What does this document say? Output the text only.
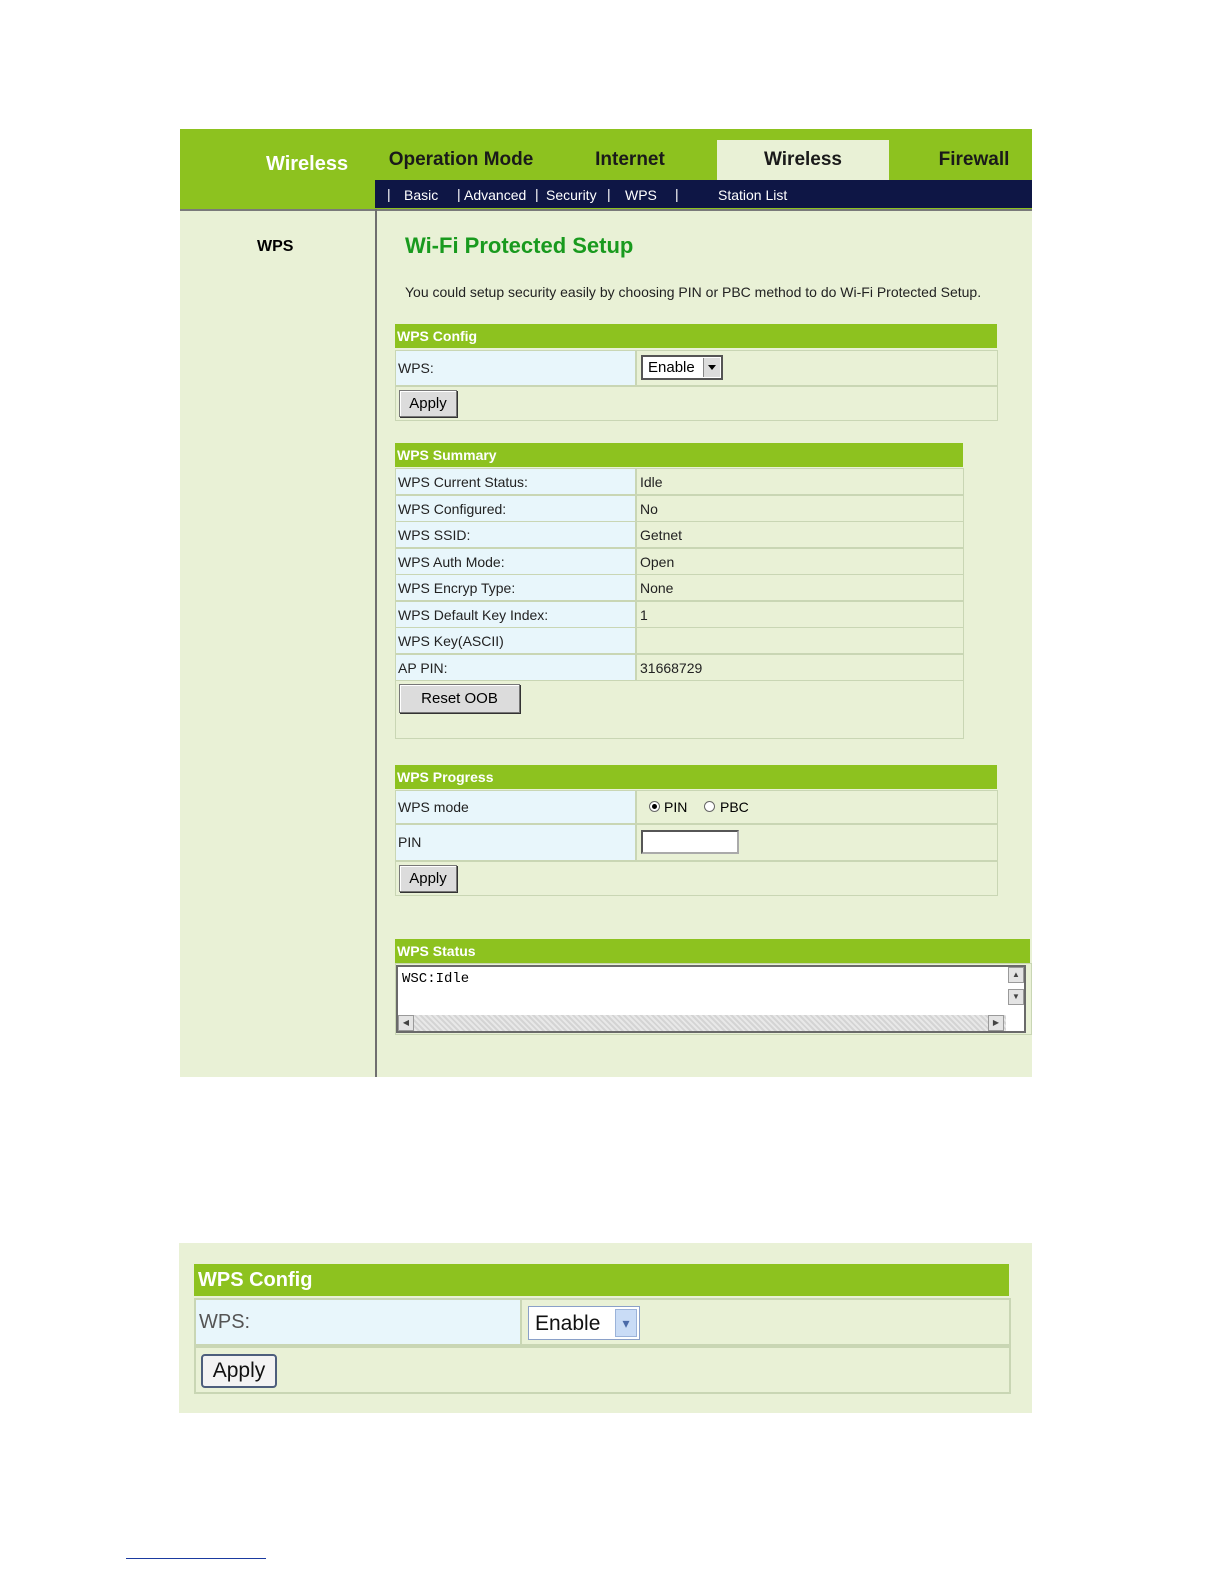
Wireless	Operation Mode	Internet	Wireless	Firewall
| Basic | Advanced | Security | WPS |	Station List
WPS	Wi-Fi Protected Setup
You could setup security easily by choosing PIN or PBC method to do Wi-Fi Protected Setup.
WPS Config
WPS:	Enable
Apply
WPS Summary
WPS Current Status:	Idle
WPS Configured:	No
WPS SSID:	Getnet
WPS Auth Mode:	Open
WPS Encryp Type:	None
WPS Default Key Index:	1
WPS Key(ASCII)
AP PIN:	31668729
Reset OOB
WPS Progress
WPS mode	PIN PBC
PIN
Apply
WPS Status
WSC:Idle	▲
▼
◀	▶
WPS Config
WPS:	Enable	▾
Apply
